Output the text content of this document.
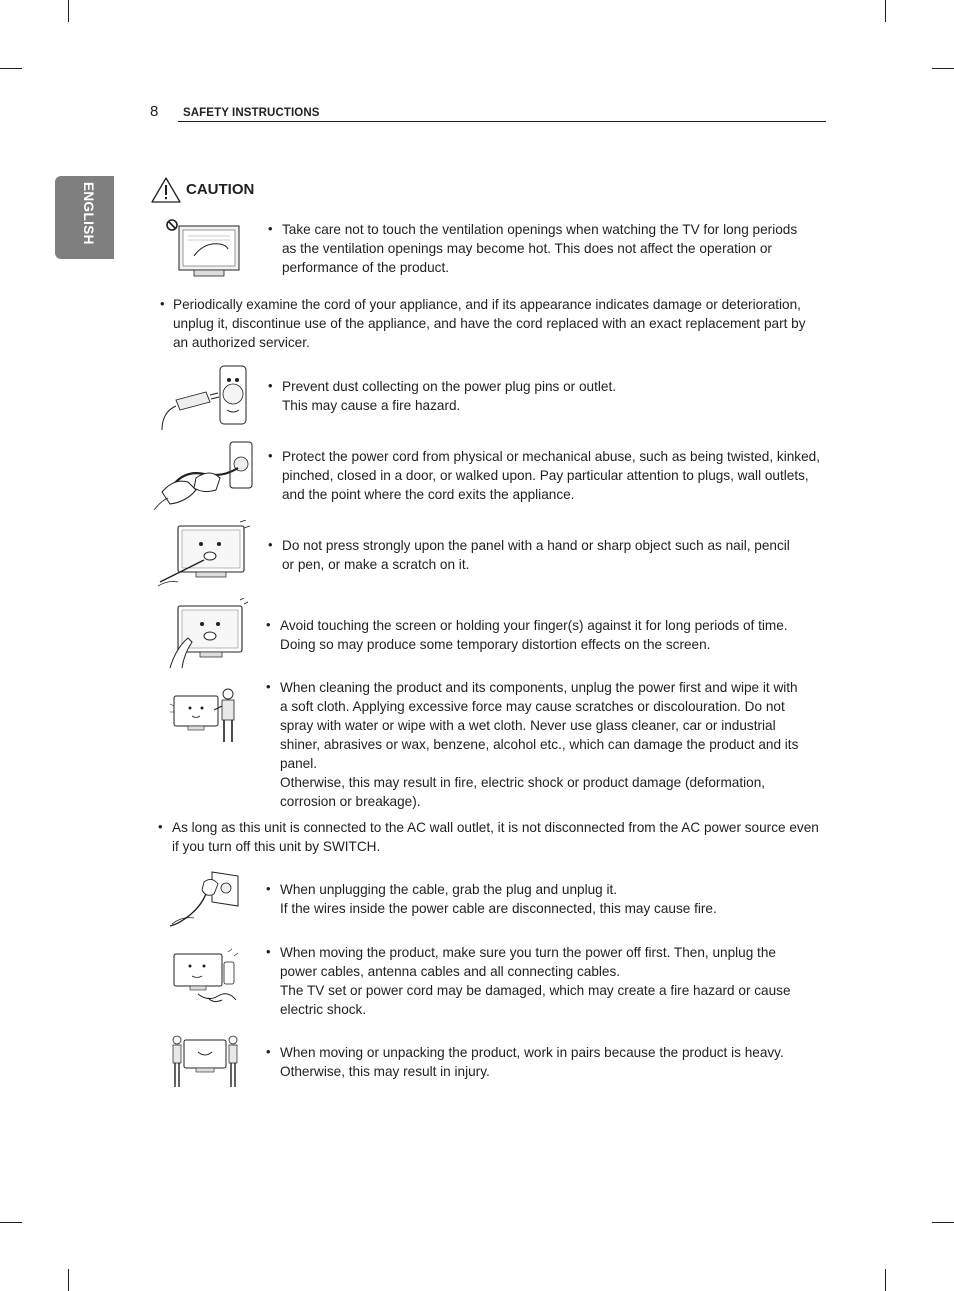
8 SAFETY INSTRUCTIONS
ENGLISH	CAUTION
• Take care not to touch the ventilation openings when watching the TV for long periods as the ventilation openings may become hot. This does not affect the operation or performance of the product.

• Periodically examine the cord of your appliance, and if its appearance indicates damage or deterioration, unplug it, discontinue use of the appliance, and have the cord replaced with an exact replacement part by an authorized servicer.

• Prevent dust collecting on the power plug pins or outlet.

This may cause a fire hazard.

• Protect the power cord from physical or mechanical abuse, such as being twisted, kinked, pinched, closed in a door, or walked upon. Pay particular attention to plugs, wall outlets, and the point where the cord exits the appliance.

• Do not press strongly upon the panel with a hand or sharp object such as nail, pencil or pen, or make a scratch on it.

• Avoid touching the screen or holding your finger(s) against it for long periods of time. Doing so may produce some temporary distortion effects on the screen.

• When cleaning the product and its components, unplug the power first and wipe it with a soft cloth. Applying excessive force may cause scratches or discolouration. Do not spray with water or wipe with a wet cloth. Never use glass cleaner, car or industrial shiner, abrasives or wax, benzene, alcohol etc., which can damage the product and its panel.

Otherwise, this may result in fire, electric shock or product damage (deformation, corrosion or breakage).

• As long as this unit is connected to the AC wall outlet, it is not disconnected from the AC power source even if you turn off this unit by SWITCH.

• When unplugging the cable, grab the plug and unplug it.

If the wires inside the power cable are disconnected, this may cause fire.

• When moving the product, make sure you turn the power off first. Then, unplug the power cables, antenna cables and all connecting cables.

The TV set or power cord may be damaged, which may create a fire hazard or cause electric shock.

• When moving or unpacking the product, work in pairs because the product is heavy.

Otherwise, this may result in injury.
